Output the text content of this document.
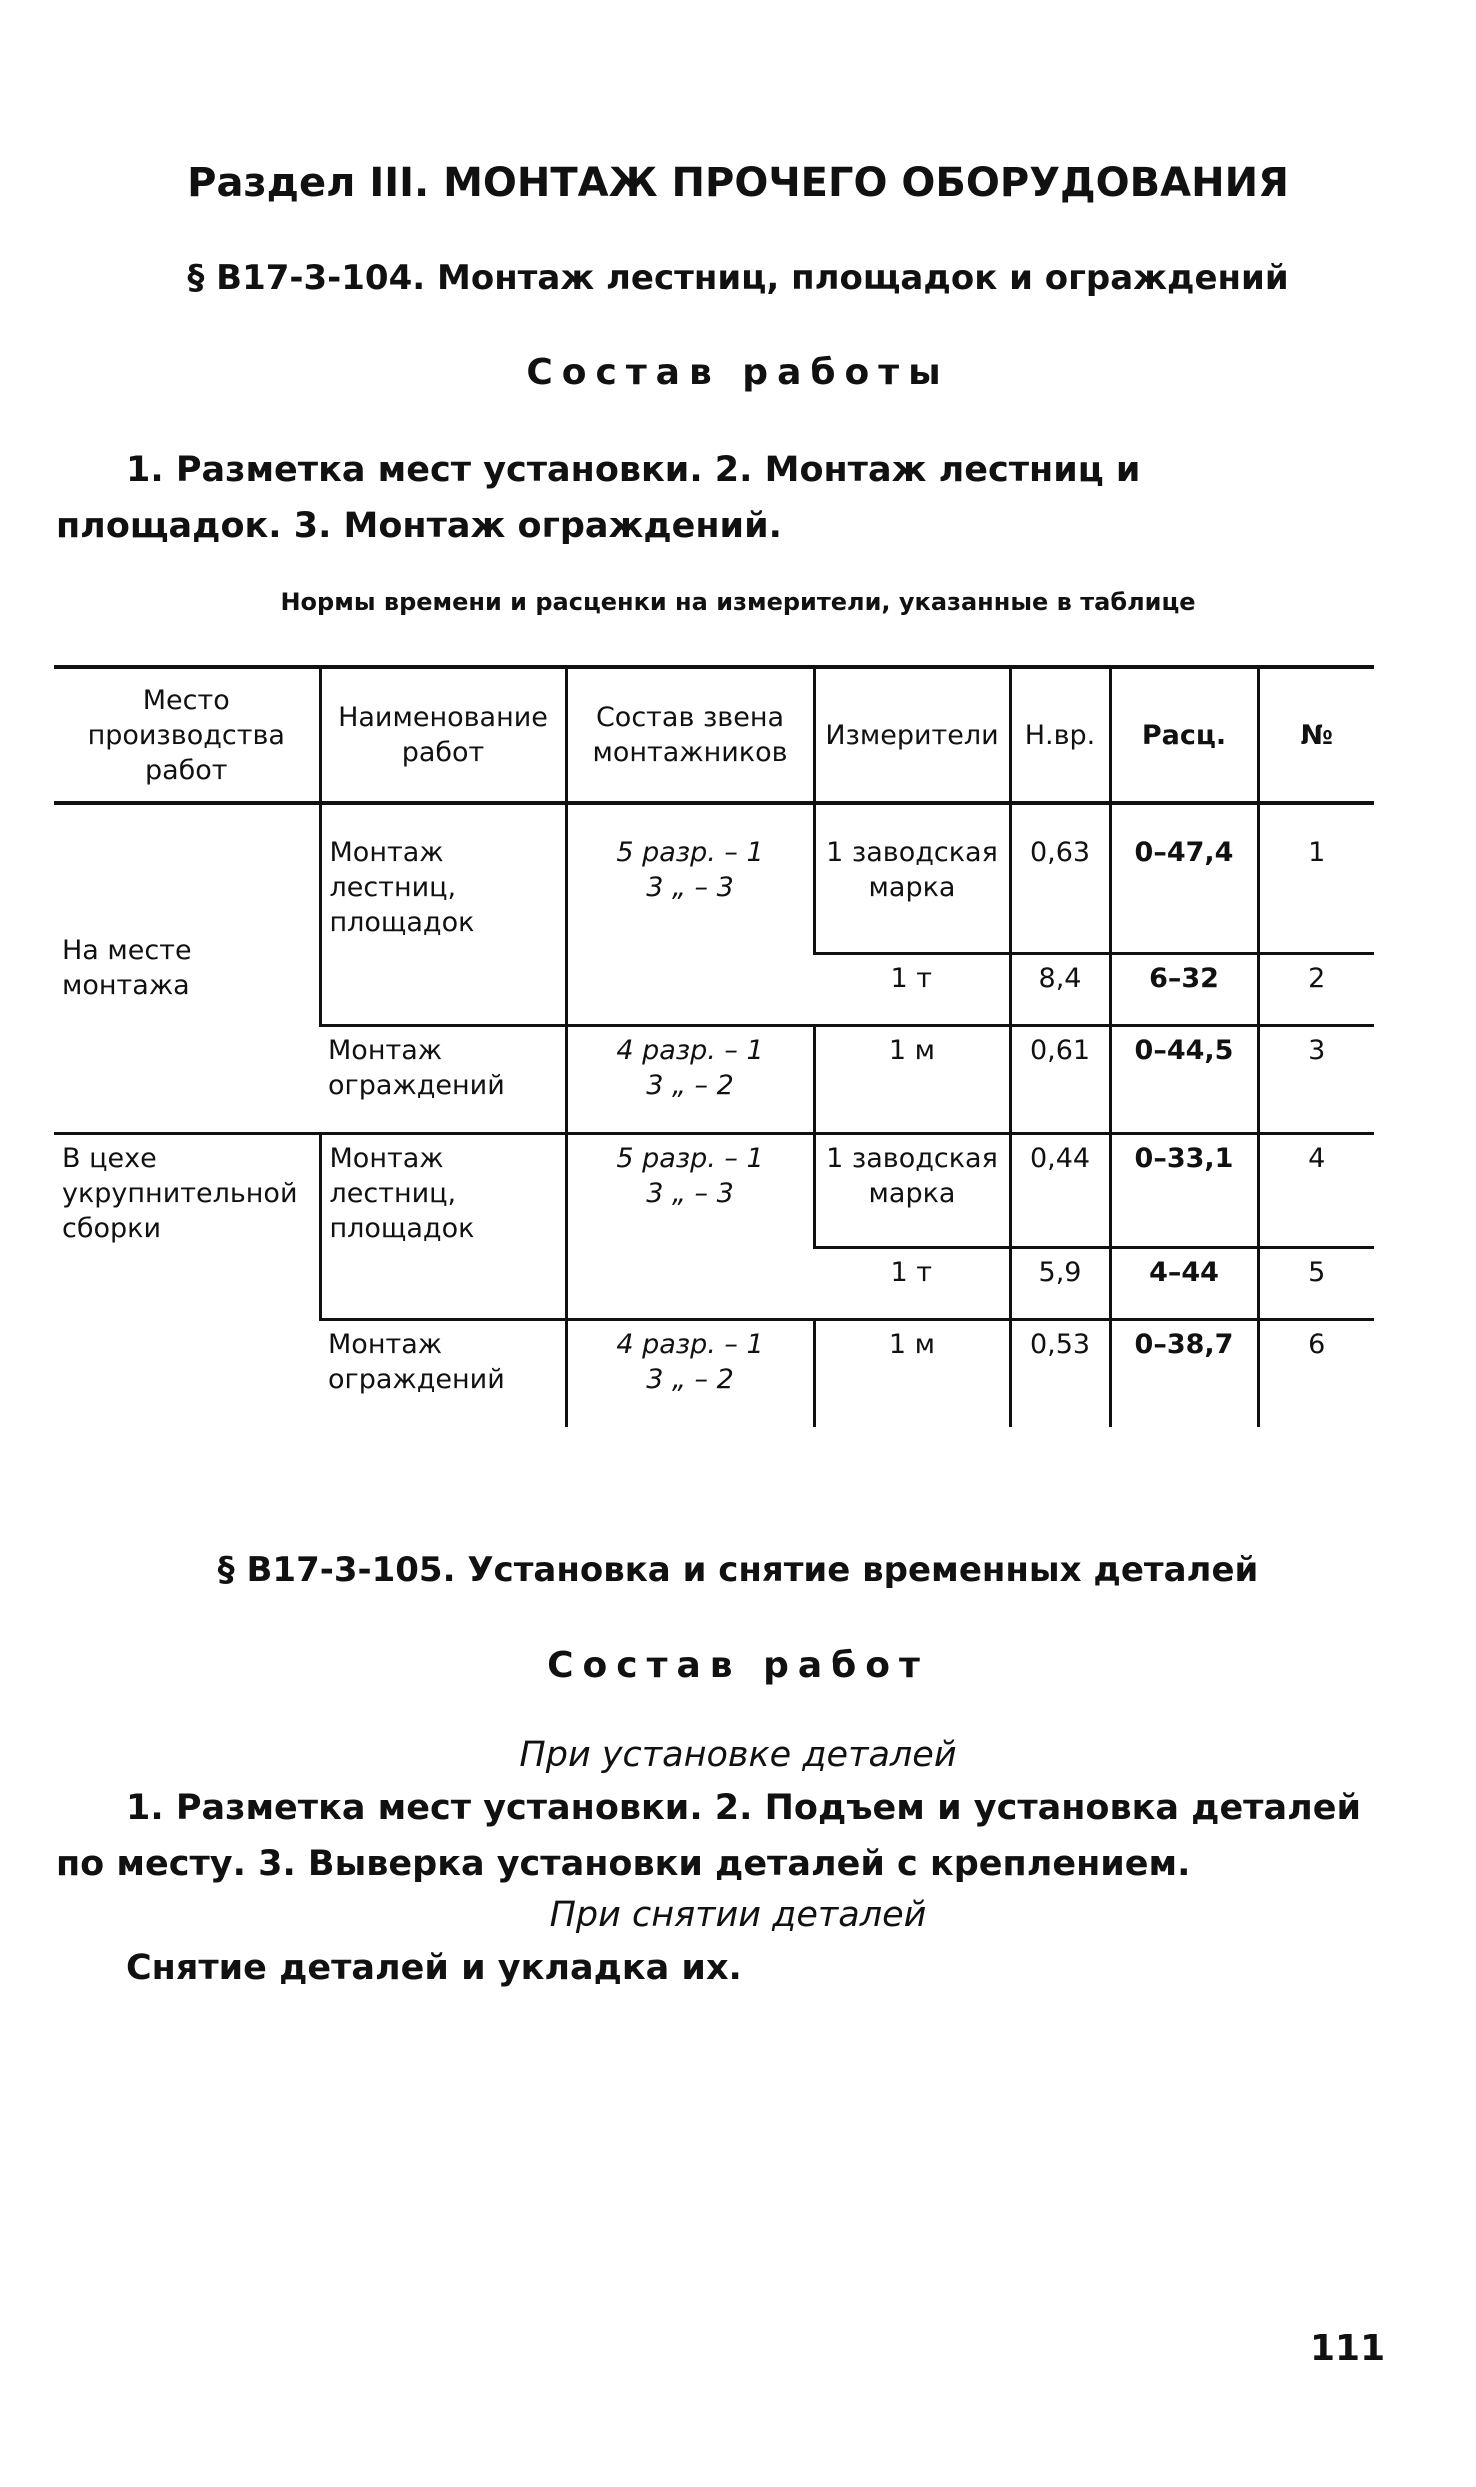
Раздел III. МОНТАЖ ПРОЧЕГО ОБОРУДОВАНИЯ
§ В17-3-104. Монтаж лестниц, площадок и ограждений
Состав работы
1. Разметка мест установки. 2. Монтаж лестниц и площадок. 3. Монтаж ограждений.
Нормы времени и расценки на измерители, указанные в таблице
Место производства работ	Наименование работ	Состав звена монтажников	Измерители	Н.вр.	Расц.	№
На месте монтажа	Монтаж лестниц, площадок	5 разр. – 1
3 „ – 3	1 заводская марка	0,63	0–47,4	1
			1 т	8,4	6–32	2
	Монтаж ограждений	4 разр. – 1
3 „ – 2	1 м	0,61	0–44,5	3
В цехе укрупнительной сборки	Монтаж лестниц, площадок	5 разр. – 1
3 „ – 3	1 заводская марка	0,44	0–33,1	4
			1 т	5,9	4–44	5
	Монтаж ограждений	4 разр. – 1
3 „ – 2	1 м	0,53	0–38,7	6
§ В17-3-105. Установка и снятие временных деталей
Состав работ
При установке деталей
1. Разметка мест установки. 2. Подъем и установка деталей по месту. 3. Выверка установки деталей с креплением.
При снятии деталей
Снятие деталей и укладка их.
111
